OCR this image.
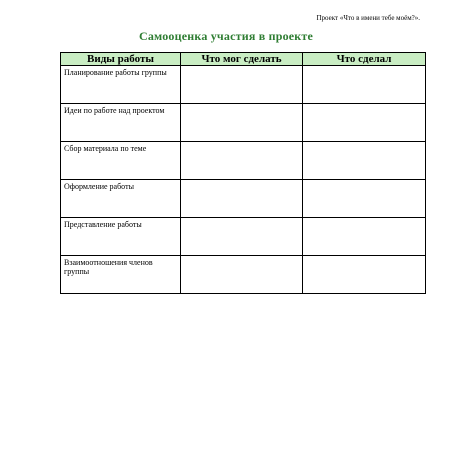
Проект «Что в имени тебе моём?».
Самооценка участия в проекте
Виды работы	Что мог сделать	Что сделал
Планирование работы группы		
Идеи по работе над проектом		
Сбор материала по теме		
Оформление работы		
Представление работы		
Взаимоотношения членов группы		
